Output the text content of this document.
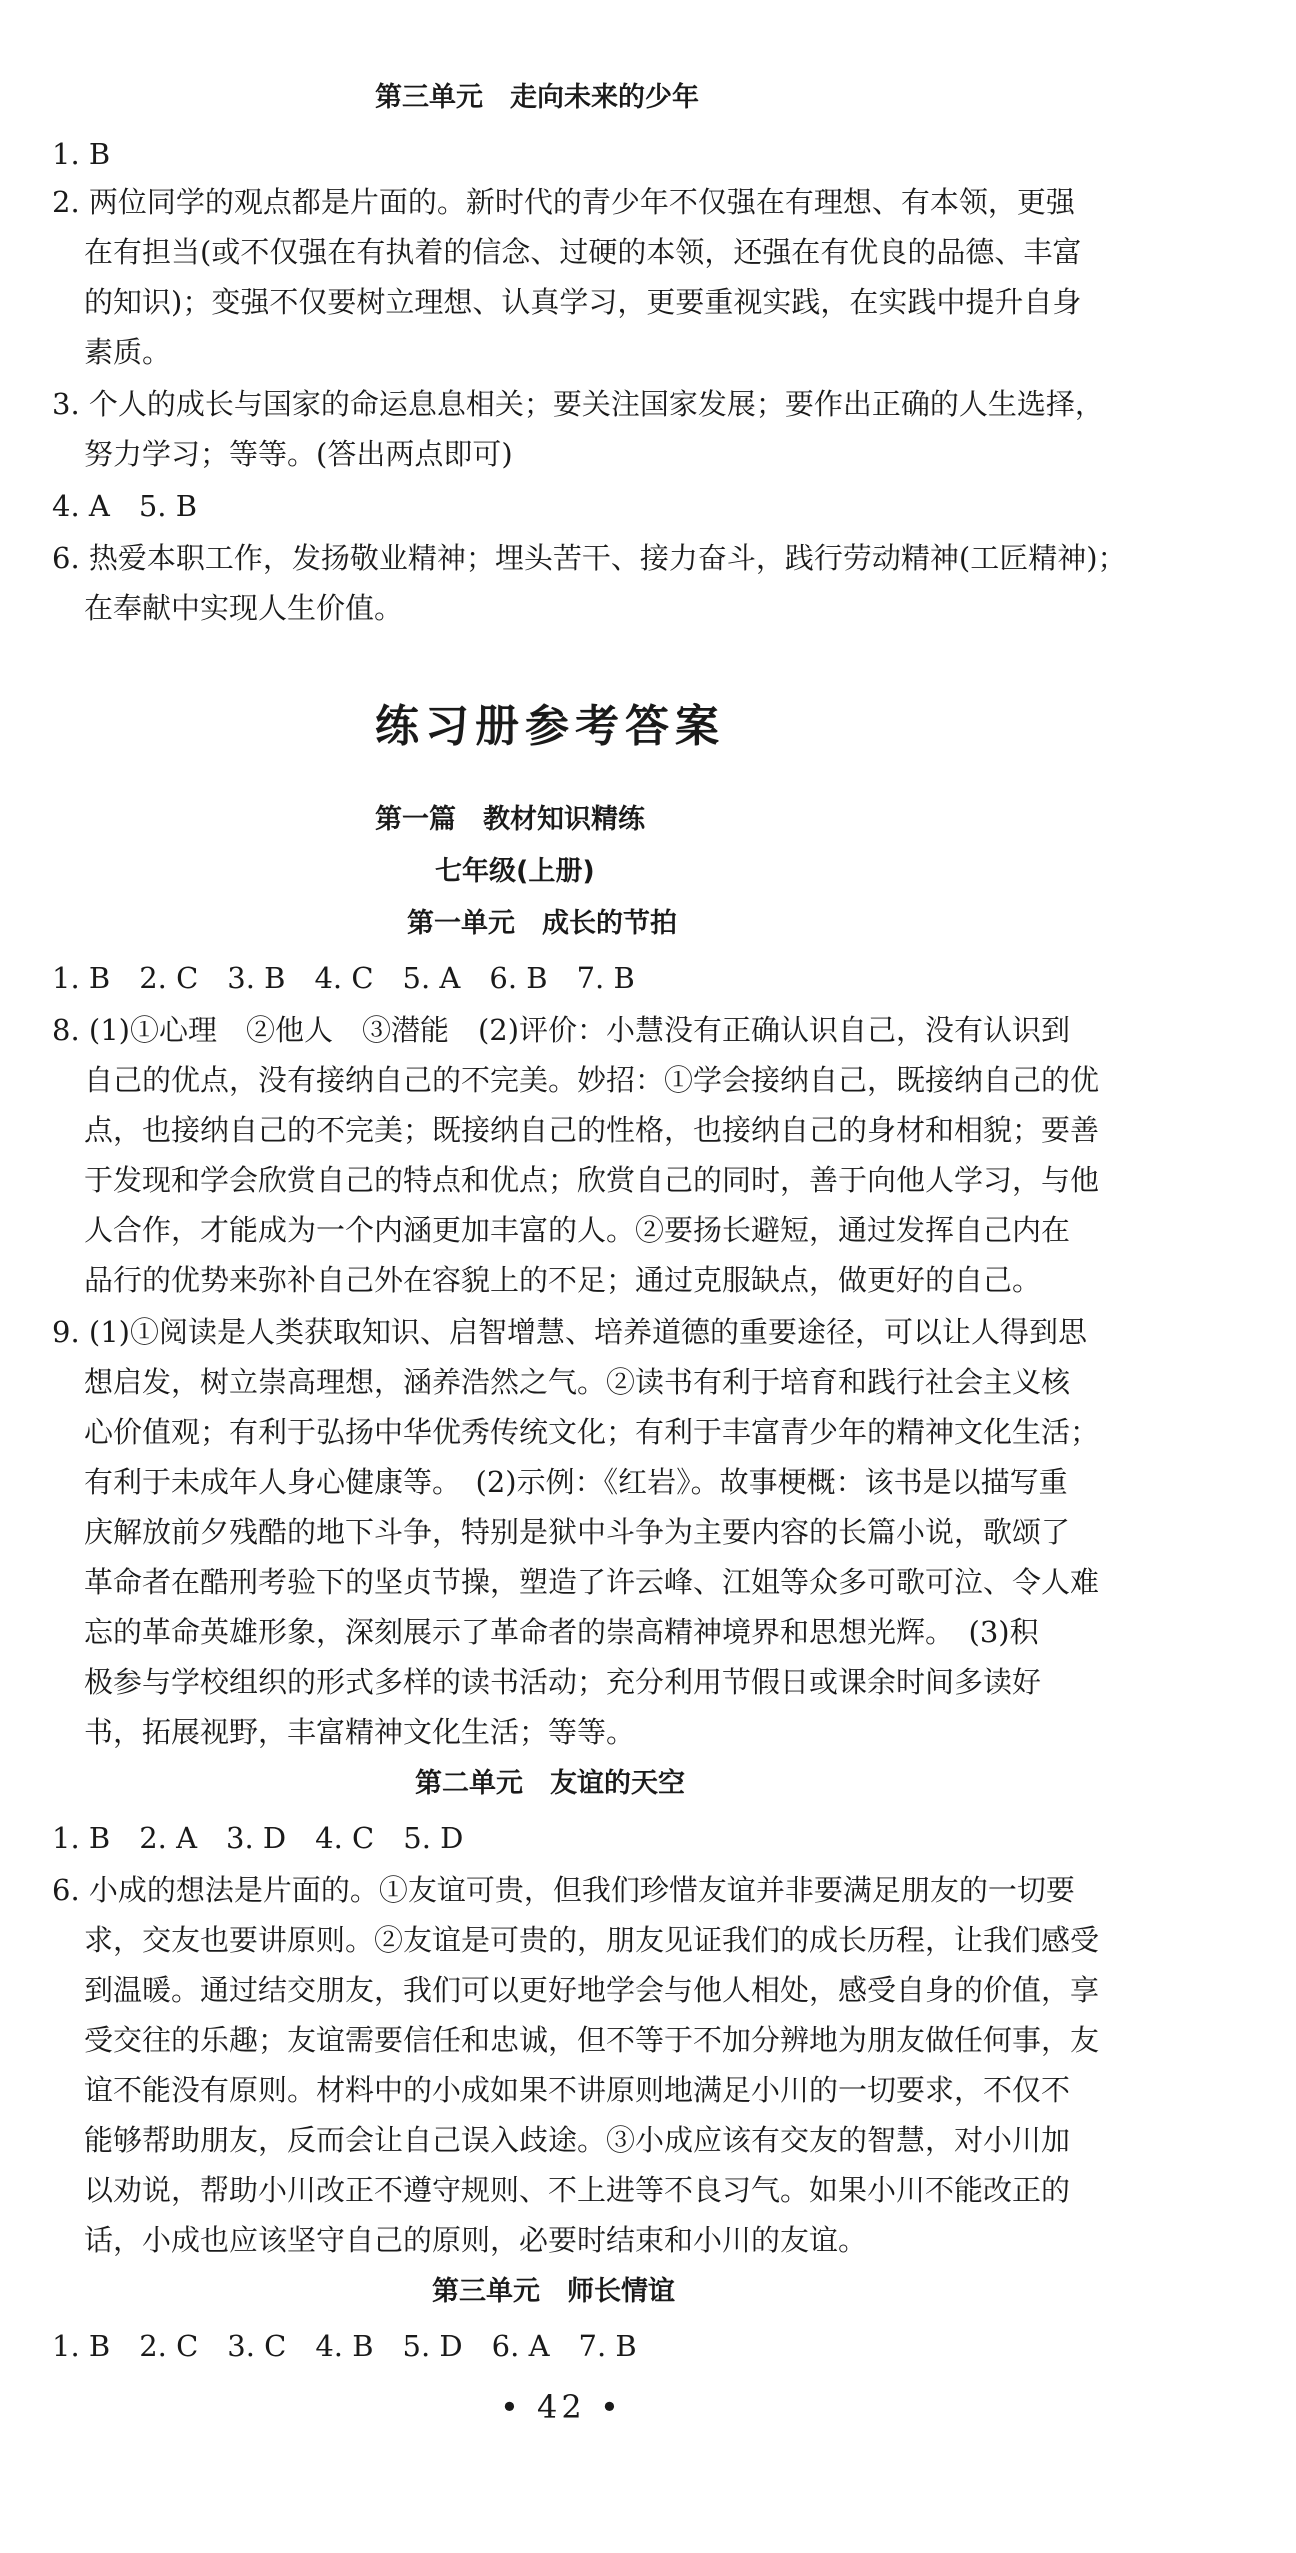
第三单元　走向未来的少年
1. B
2. 两位同学的观点都是片面的。新时代的青少年不仅强在有理想、有本领，更强
在有担当(或不仅强在有执着的信念、过硬的本领，还强在有优良的品德、丰富
的知识)；变强不仅要树立理想、认真学习，更要重视实践，在实践中提升自身
素质。
3. 个人的成长与国家的命运息息相关；要关注国家发展；要作出正确的人生选择，
努力学习；等等。(答出两点即可)
4. A　5. B
6. 热爱本职工作，发扬敬业精神；埋头苦干、接力奋斗，践行劳动精神(工匠精神)；
在奉献中实现人生价值。
练习册参考答案
第一篇　教材知识精练
七年级(上册)
第一单元　成长的节拍
1. B　2. C　3. B　4. C　5. A　6. B　7. B
8. (1)①心理　②他人　③潜能　(2)评价：小慧没有正确认识自己，没有认识到
自己的优点，没有接纳自己的不完美。妙招：①学会接纳自己，既接纳自己的优
点，也接纳自己的不完美；既接纳自己的性格，也接纳自己的身材和相貌；要善
于发现和学会欣赏自己的特点和优点；欣赏自己的同时，善于向他人学习，与他
人合作，才能成为一个内涵更加丰富的人。②要扬长避短，通过发挥自己内在
品行的优势来弥补自己外在容貌上的不足；通过克服缺点，做更好的自己。
9. (1)①阅读是人类获取知识、启智增慧、培养道德的重要途径，可以让人得到思
想启发，树立崇高理想，涵养浩然之气。②读书有利于培育和践行社会主义核
心价值观；有利于弘扬中华优秀传统文化；有利于丰富青少年的精神文化生活；
有利于未成年人身心健康等。　(2)示例：《红岩》。故事梗概：该书是以描写重
庆解放前夕残酷的地下斗争，特别是狱中斗争为主要内容的长篇小说，歌颂了
革命者在酷刑考验下的坚贞节操，塑造了许云峰、江姐等众多可歌可泣、令人难
忘的革命英雄形象，深刻展示了革命者的崇高精神境界和思想光辉。　(3)积
极参与学校组织的形式多样的读书活动；充分利用节假日或课余时间多读好
书，拓展视野，丰富精神文化生活；等等。
第二单元　友谊的天空
1. B　2. A　3. D　4. C　5. D
6. 小成的想法是片面的。①友谊可贵，但我们珍惜友谊并非要满足朋友的一切要
求，交友也要讲原则。②友谊是可贵的，朋友见证我们的成长历程，让我们感受
到温暖。通过结交朋友，我们可以更好地学会与他人相处，感受自身的价值，享
受交往的乐趣；友谊需要信任和忠诚，但不等于不加分辨地为朋友做任何事，友
谊不能没有原则。材料中的小成如果不讲原则地满足小川的一切要求，不仅不
能够帮助朋友，反而会让自己误入歧途。③小成应该有交友的智慧，对小川加
以劝说，帮助小川改正不遵守规则、不上进等不良习气。如果小川不能改正的
话，小成也应该坚守自己的原则，必要时结束和小川的友谊。
第三单元　师长情谊
1. B　2. C　3. C　4. B　5. D　6. A　7. B
• 42 •
